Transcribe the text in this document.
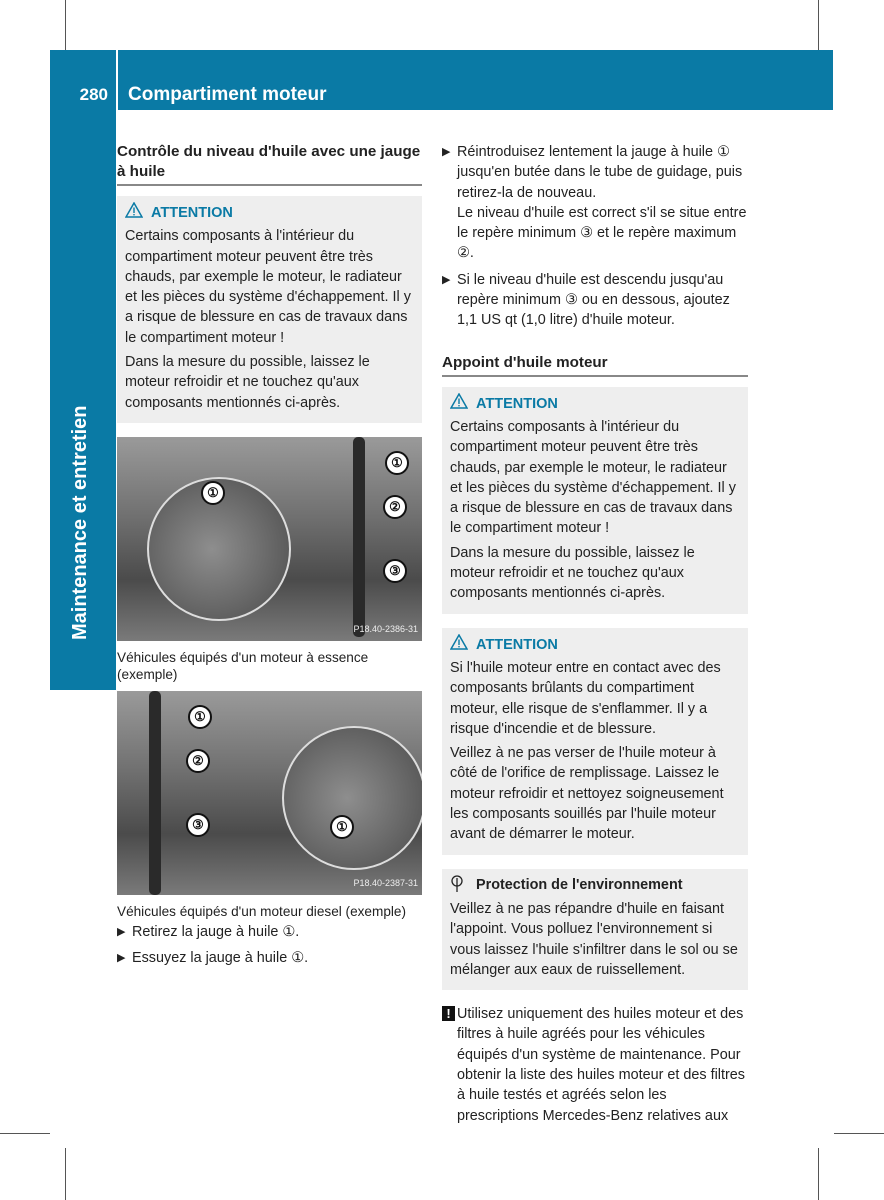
280 Compartiment moteur
Maintenance et entretien
Contrôle du niveau d'huile avec une jauge à huile
ATTENTION

Certains composants à l'intérieur du compartiment moteur peuvent être très chauds, par exemple le moteur, le radiateur et les pièces du système d'échappement. Il y a risque de blessure en cas de travaux dans le compartiment moteur !

Dans la mesure du possible, laissez le moteur refroidir et ne touchez qu'aux composants mentionnés ci-après.

①
①
②
③
P18.40-2386-31
Véhicules équipés d'un moteur à essence (exemple)
①
②
③	①
P18.40-2387-31
Véhicules équipés d'un moteur diesel (exemple)
▶ Retirez la jauge à huile ①.
▶ Essuyez la jauge à huile ①.
▶ Réintroduisez lentement la jauge à huile ① jusqu'en butée dans le tube de guidage, puis retirez-la de nouveau.
Le niveau d'huile est correct s'il se situe entre le repère minimum ③ et le repère maximum ②.
▶ Si le niveau d'huile est descendu jusqu'au repère minimum ③ ou en dessous, ajoutez 1,1 US qt (1,0 litre) d'huile moteur.
Appoint d'huile moteur
ATTENTION

Certains composants à l'intérieur du compartiment moteur peuvent être très chauds, par exemple le moteur, le radiateur et les pièces du système d'échappement. Il y a risque de blessure en cas de travaux dans le compartiment moteur !

Dans la mesure du possible, laissez le moteur refroidir et ne touchez qu'aux composants mentionnés ci-après.

ATTENTION

Si l'huile moteur entre en contact avec des composants brûlants du compartiment moteur, elle risque de s'enflammer. Il y a risque d'incendie et de blessure.

Veillez à ne pas verser de l'huile moteur à côté de l'orifice de remplissage. Laissez le moteur refroidir et nettoyez soigneusement les composants souillés par l'huile moteur avant de démarrer le moteur.

Protection de l'environnement

Veillez à ne pas répandre d'huile en faisant l'appoint. Vous polluez l'environnement si vous laissez l'huile s'infiltrer dans le sol ou se mélanger aux eaux de ruissellement.

! Utilisez uniquement des huiles moteur et des filtres à huile agréés pour les véhicules équipés d'un système de maintenance. Pour obtenir la liste des huiles moteur et des filtres à huile testés et agréés selon les prescriptions Mercedes-Benz relatives aux
